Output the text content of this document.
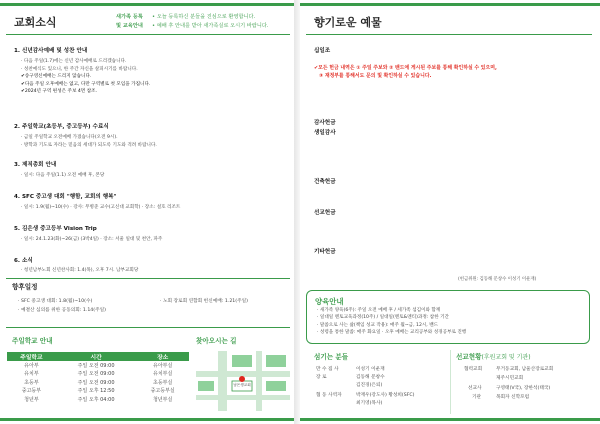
교회소식	새가족 등록 • 오늘 등록하신 분들을 진심으로 환영합니다.
및 교육안내 • 예배 후 안내를 받아 새가족실로 오시기 바랍니다.
1. 신년감사예배 및 성찬 안내
· 다음 주일(1.7)에는 신년 감사예배로 드리겠습니다.
· 성찬예식도 있으니, 한 주간 자신을 살피시기를 바랍니다.
✔송구영신예배는 드리지 않습니다.
✔다음 주일 오후예배는 없고, 다만 구역별로 첫 모임을 가집니다.
✔2024년 구역 편성은 주보 4면 참조.
2. 주일학교(초등부, 중고등부) 수료식
· 금일 주일학교 오전예배 가졌습니다(오전 9시).
· 방학과 기도로 자라는 믿음의 세대가 되도록 기도와 격려 바랍니다.
3. 제직총회 안내
· 일시: 다음 주일(1.1) 오전 예배 후, 본당
4. SFC 중고생 대회 "행함, 교회의 행복"
· 일시: 1.9(월)~10(수) · 강사: 무병준 교수(고신대 교회학) · 장소: 설호 리조트
5. 김은생 중고등부 Vision Trip
· 일시: 24.1.23(화)~26(금) (3박4일) · 장소: 서울 일대 및 천안, 파주
6. 소식
· 청년남부노회 신년찬사회: 1.4(목), 오후 7시. 남부교회당
향후일정
· SFC 중고생 대회: 1.8(월)~10(수)	· 노회 장로회 연합회 헌신예배: 1.21(주일)
· 예결산 심의를 위한 공동의회: 1.14(주일)
주일학교 안내	찾아오시는 길
주일학교	시간	장소
유아부	주일 오전 09:00	유아부실
유치부	주일 오전 09:00	유치부실
초등부	주일 오전 09:00	초등부실
중고등부	주일 오후 12:50	중고등부실
청년부	주일 오후 04:00	청년부실
남은생교회
향기로운 예물
십일조
✔모든 헌금 내역은 ① 주일 주보와 ② 밴드에 게시된 주보를 통해 확인하실 수 있으며,
③ 재정부를 통해서도 문의 및 확인하실 수 있습니다.
감사헌금
생일감사
건축헌금
선교헌금
기타헌금
(헌금위원: 김동해 문창수 이성기 이운재)
양육안내
· 새가족 양육(6주): 주일 오전 예배 후 / 세가족 섬김이와 함께
· 일대일 멘토교육과정(10주) / 일대일(멘토&멘티)과정: 참한 기간
· 말씀으로 사는 삶(책임 성교 작용): 매주 월~금, 12시, 밴드
· 성령을 통한 말씀: 매주 화요일 · 오후 예배는 교리공부와 성경공부로 진행
섬기는 분들
만 수 집 사	이성기 이운재
장 로	김동해 문창수
김진경(은퇴)
협 동 사역자	박재우(강도사) 황성희(SFC)
최기영(목사)
선교현황(후원교회 및 기관)
협력교회	무거동교회, 남울산장로교회
제주시민교회
선교사	구영태(V국), 장한석(태국)
기관	목회자 신학포럼
